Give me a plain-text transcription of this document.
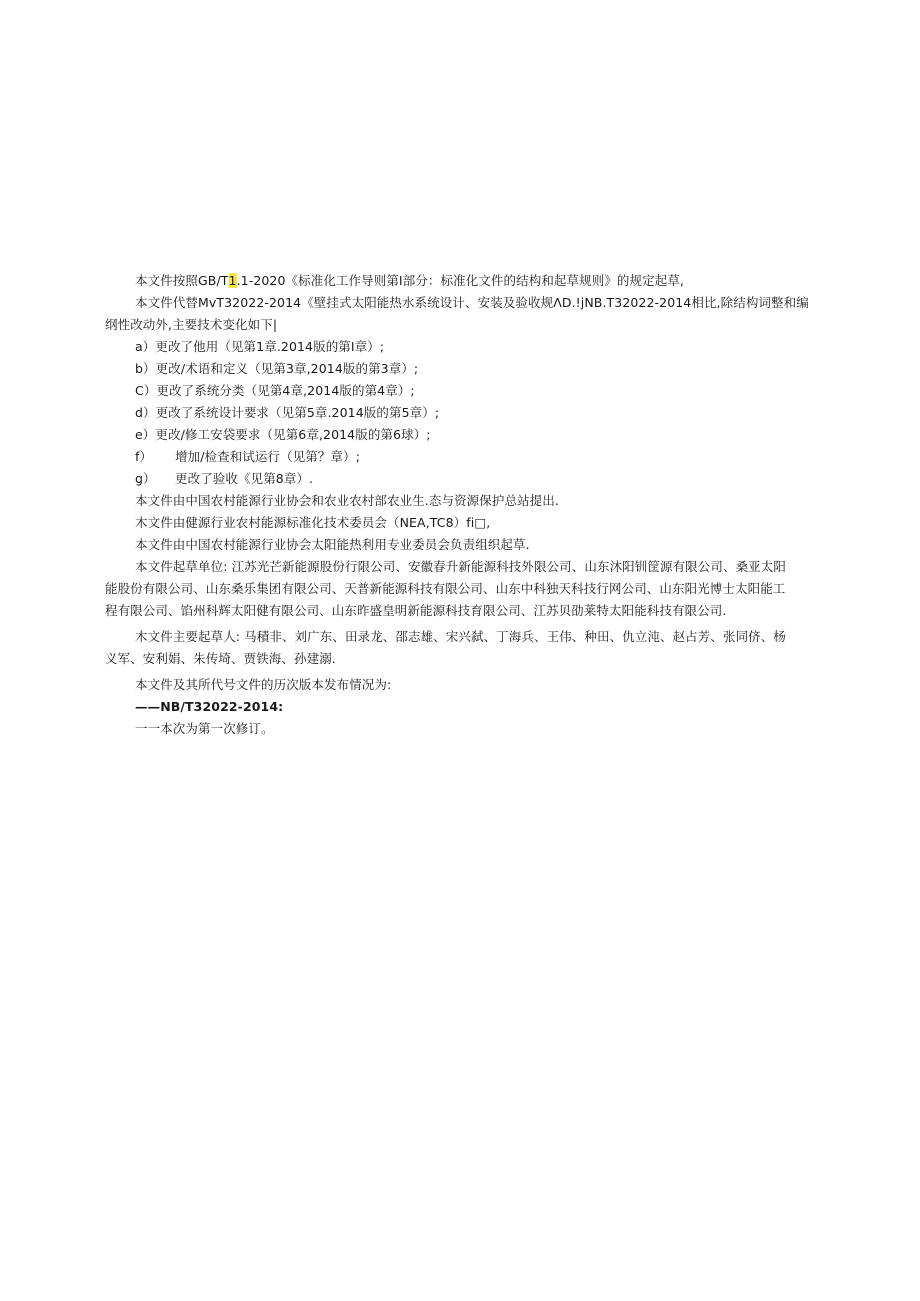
本文件按照GB/T1.1-2020《标准化工作导则第Ⅰ部分：标准化文件的结构和起草规则》的规定起草,
本文件代替MvT32022-2014《壁挂式太阳能热水系统设计、安装及验收规ΛD.!jNB.T32022-2014相比,除结构词整和编
纲性改动外,主要技术变化如下|
a）更改了他用（见第1章.2014版的第Ⅰ章）;
b）更改/术语和定义（见第3章,2014版的第3章）;
C）更改了系统分类（见第4章,2014版的第4章）;
d）更改了系统设计要求（见第5章.2014版的第5章）;
e）更改/修工安袋要求（见第6章,2014版的第6球）;
f） 增加/检查和试运行（见第？章）;
g） 更改了验收《见第8章）.
本文件由中国农村能源行业协会和农业农村部农业生.态与资源保护总站提出.
木文件由健源行业农村能源标准化技术委员会（NEA,TC8）fi□,
本文件由中国农村能源行业协会太阳能热利用专业委员会负责组织起草.
本文件起草单位: 江苏光芒新能源股份行限公司、安徽春升新能源科技外限公司、山东沐阳钏筐源有限公司、桑亚太阳
能股份有限公司、山东桑乐集团有限公司、天普新能源科技有限公司、山东中科独天科技行网公司、山东阳光博士太阳能工
程有限公司、馅州科辉太阳健有限公司、山东昨盛皇明新能源科技育限公司、江苏贝劭莱特太阳能科技有限公司.
木文件主要起草人: 马積非、刘广东、田录龙、邵志雄、宋兴弑、丁海兵、王伟、种田、仇立沌、赵占芳、张同侪、杨
义军、安利娟、朱传埼、贾铁海、孙建溺.
本文件及其所代号文件的历次版本发布情况为:
——NB/T32022-2014:
一一本次为第一次修订。
